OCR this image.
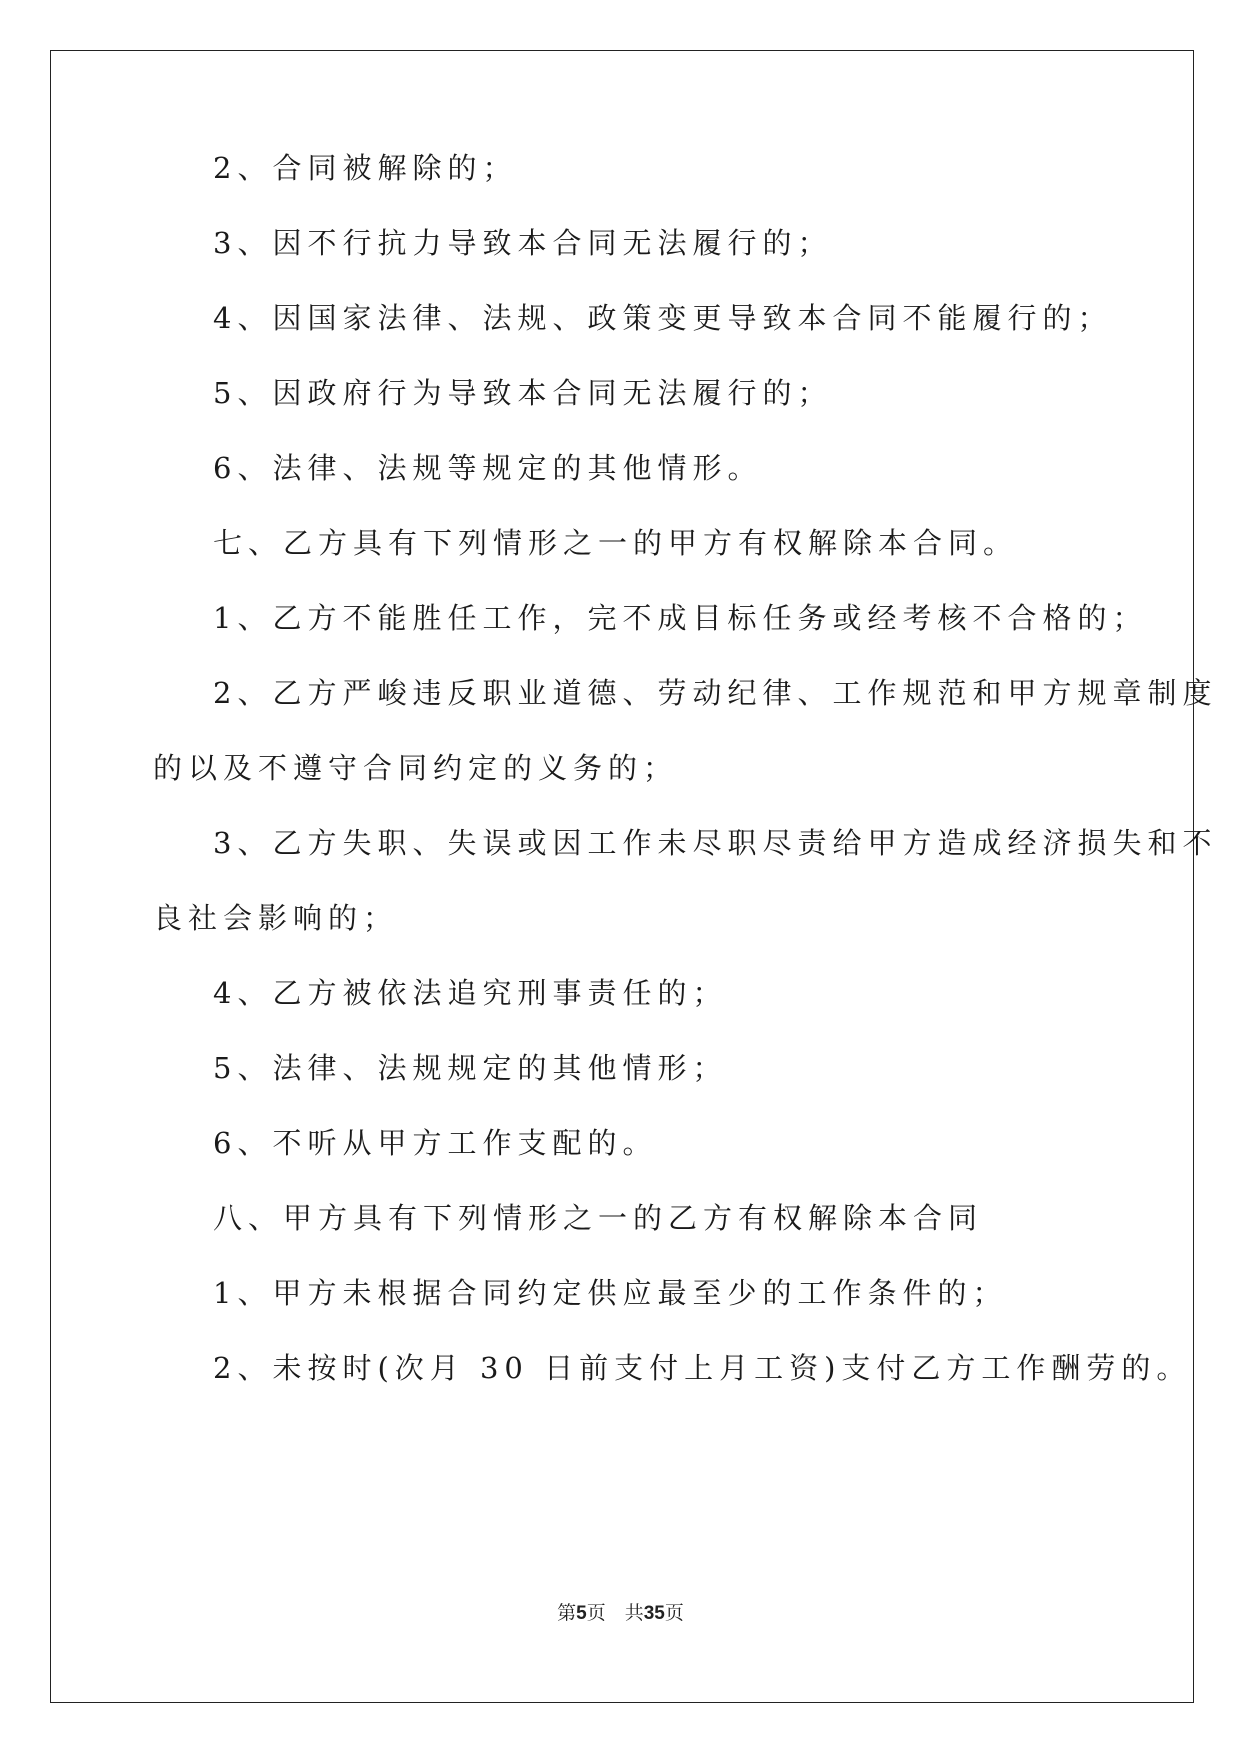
2、合同被解除的；
3、因不行抗力导致本合同无法履行的；
4、因国家法律、法规、政策变更导致本合同不能履行的；
5、因政府行为导致本合同无法履行的；
6、法律、法规等规定的其他情形。
七、乙方具有下列情形之一的甲方有权解除本合同。
1、乙方不能胜任工作，完不成目标任务或经考核不合格的；
2、乙方严峻违反职业道德、劳动纪律、工作规范和甲方规章制度
的以及不遵守合同约定的义务的；
3、乙方失职、失误或因工作未尽职尽责给甲方造成经济损失和不
良社会影响的；
4、乙方被依法追究刑事责任的；
5、法律、法规规定的其他情形；
6、不听从甲方工作支配的。
八、甲方具有下列情形之一的乙方有权解除本合同
1、甲方未根据合同约定供应最至少的工作条件的；
2、未按时(次月 30 日前支付上月工资)支付乙方工作酬劳的。
第5页　共35页
